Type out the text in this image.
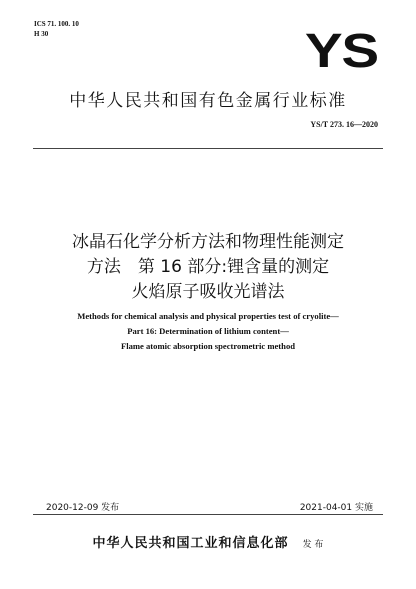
ICS 71. 100. 10
H 30	YS
中华人民共和国有色金属行业标准
YS/T 273. 16—2020
冰晶石化学分析方法和物理性能测定
方法　第 16 部分:锂含量的测定
火焰原子吸收光谱法
Methods for chemical analysis and physical properties test of cryolite—
Part 16: Determination of lithium content—
Flame atomic absorption spectrometric method
2020-12-09 发布	2021-04-01 实施
中华人民共和国工业和信息化部 发 布
